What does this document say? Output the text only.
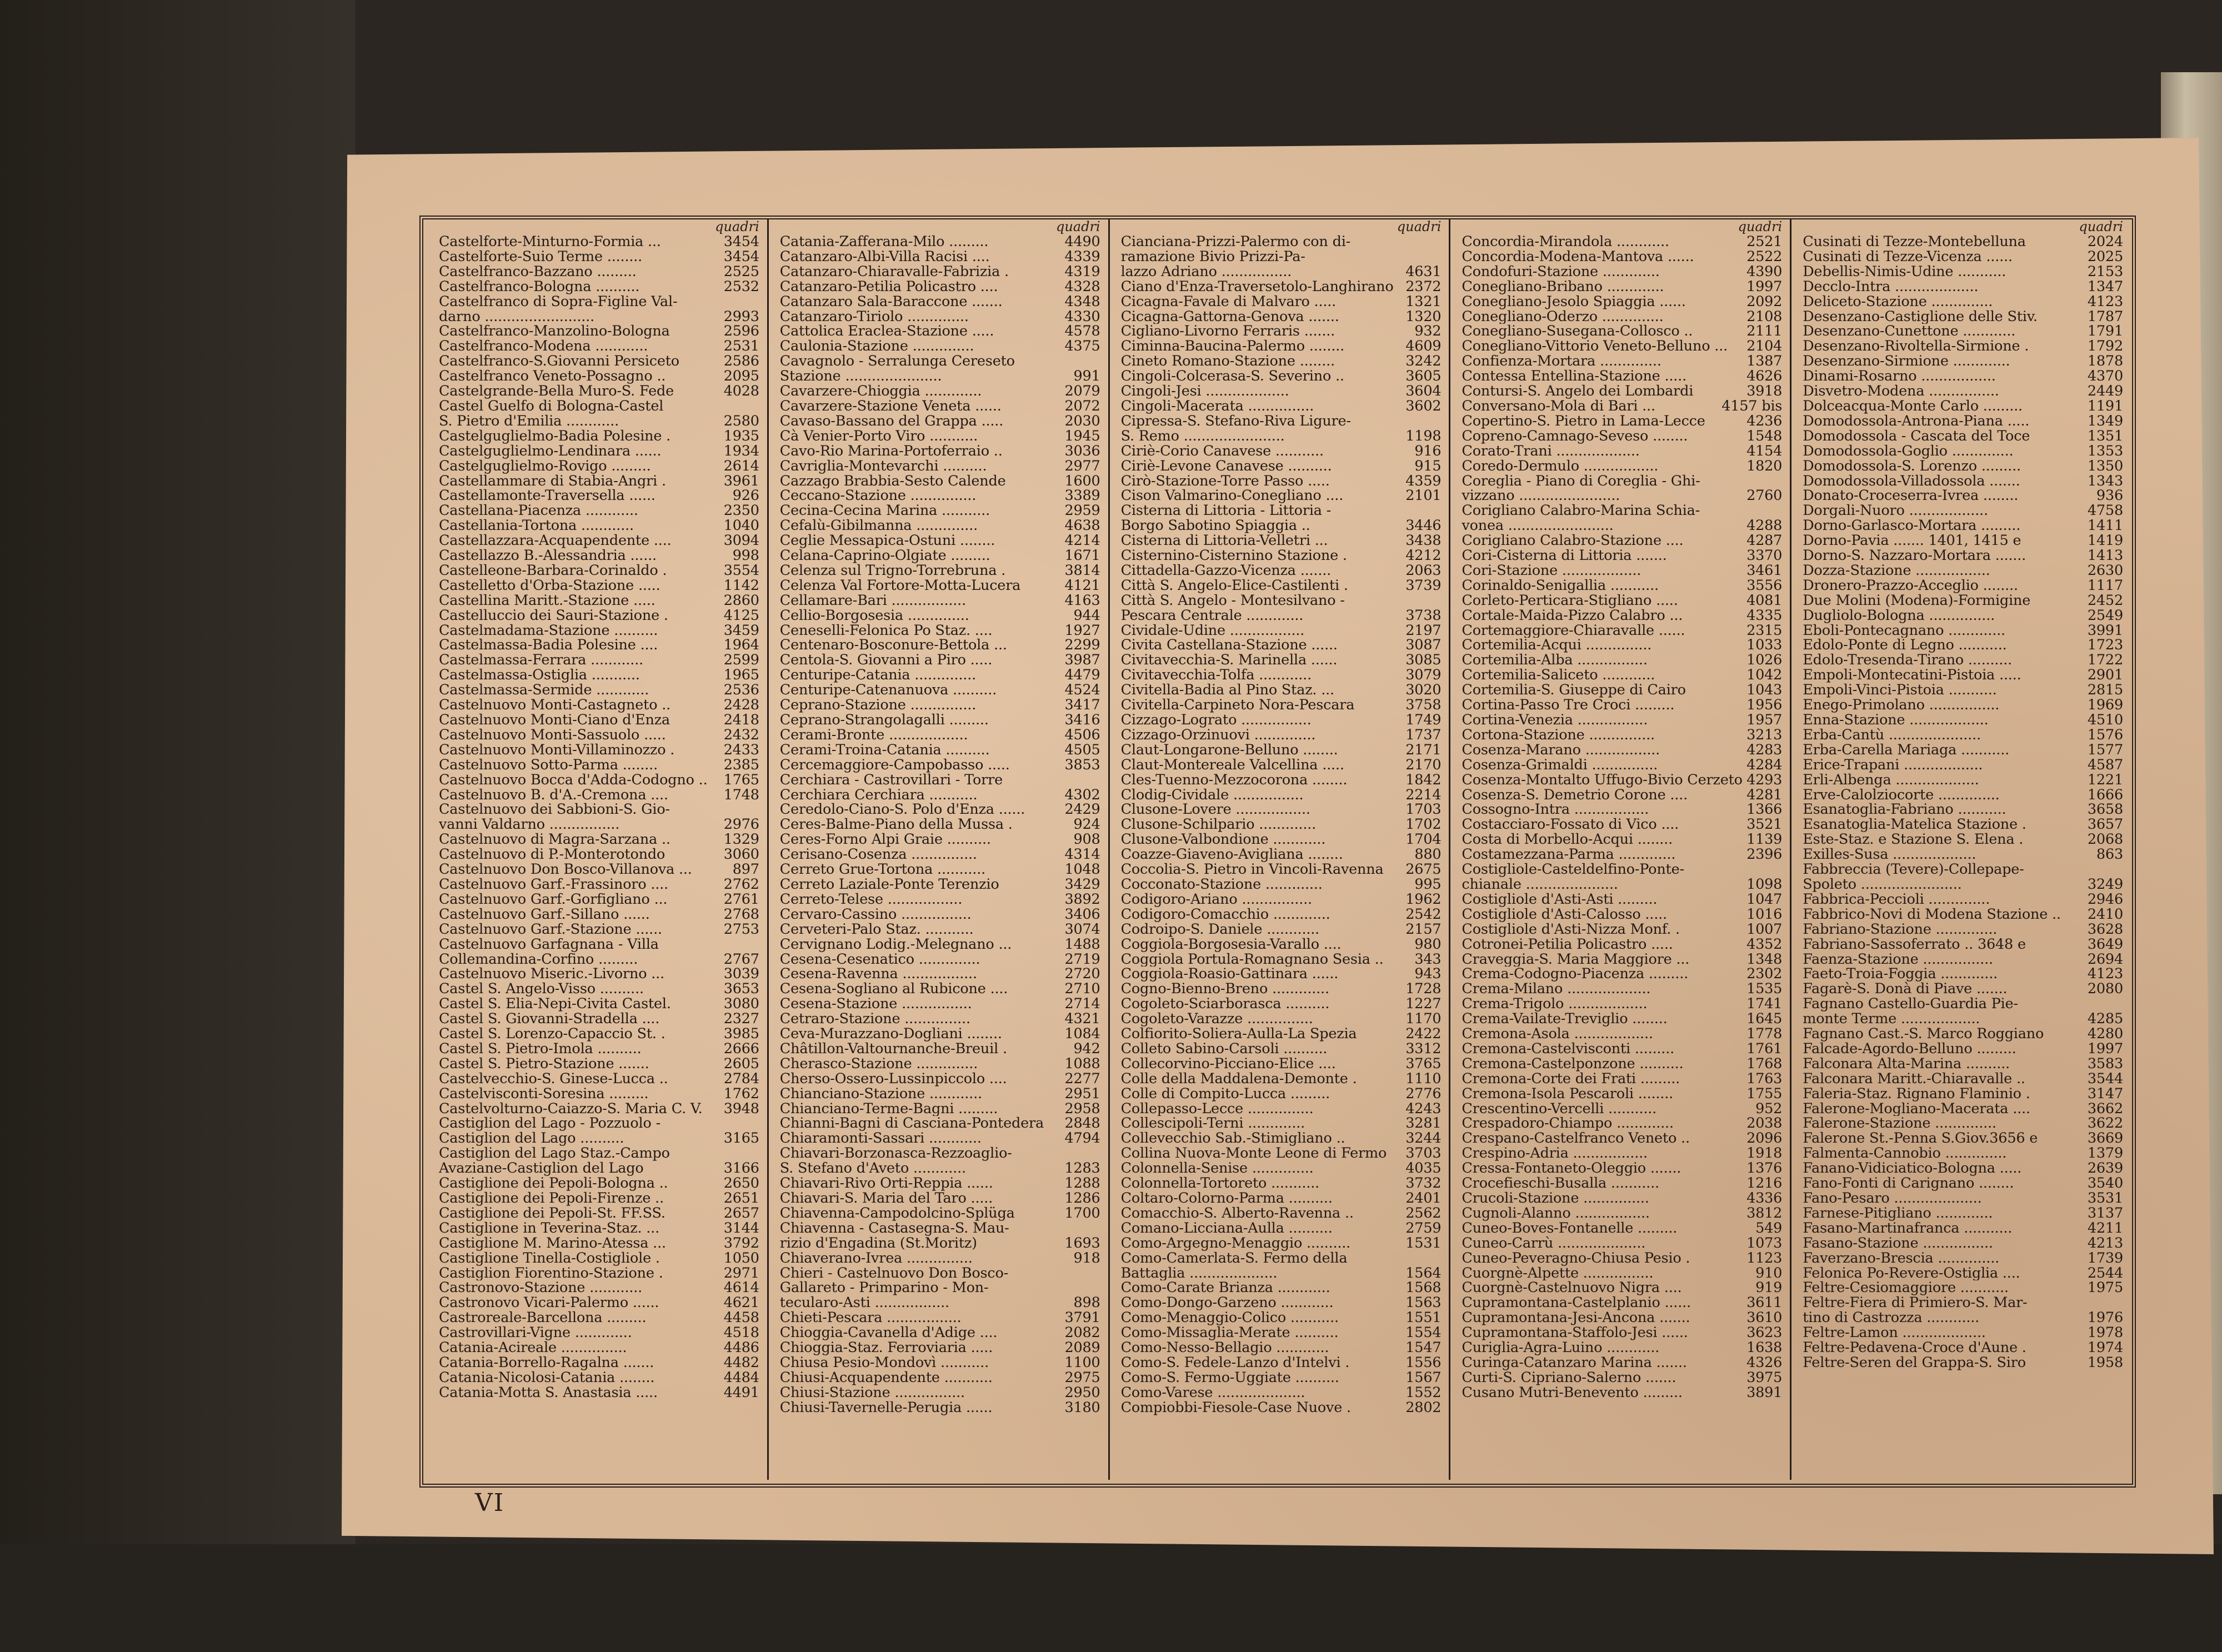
quadri
Castelforte-Minturno-Formia ...	3454
Castelforte-Suio Terme ........	3454
Castelfranco-Bazzano .........	2525
Castelfranco-Bologna ..........	2532
Castelfranco di Sopra-Figline Val-
darno .........................	2993
Castelfranco-Manzolino-Bologna	2596
Castelfranco-Modena ............	2531
Castelfranco-S.Giovanni Persiceto	2586
Castelfranco Veneto-Possagno ..	2095
Castelgrande-Bella Muro-S. Fede	4028
Castel Guelfo di Bologna-Castel
S. Pietro d'Emilia ............	2580
Castelguglielmo-Badia Polesine .	1935
Castelguglielmo-Lendinara ......	1934
Castelguglielmo-Rovigo .........	2614
Castellammare di Stabia-Angri .	3961
Castellamonte-Traversella ......	926
Castellana-Piacenza ............	2350
Castellania-Tortona ............	1040
Castellazzara-Acquapendente ....	3094
Castellazzo B.-Alessandria ......	998
Castelleone-Barbara-Corinaldo .	3554
Castelletto d'Orba-Stazione .....	1142
Castellina Maritt.-Stazione .....	2860
Castelluccio dei Sauri-Stazione .	4125
Castelmadama-Stazione ..........	3459
Castelmassa-Badia Polesine ....	1964
Castelmassa-Ferrara ............	2599
Castelmassa-Ostiglia ...........	1965
Castelmassa-Sermide ............	2536
Castelnuovo Monti-Castagneto ..	2428
Castelnuovo Monti-Ciano d'Enza	2418
Castelnuovo Monti-Sassuolo .....	2432
Castelnuovo Monti-Villaminozzo .	2433
Castelnuovo Sotto-Parma ........	2385
Castelnuovo Bocca d'Adda-Codogno ..	1765
Castelnuovo B. d'A.-Cremona ....	1748
Castelnuovo dei Sabbioni-S. Gio-
vanni Valdarno ................	2976
Castelnuovo di Magra-Sarzana ..	1329
Castelnuovo di P.-Monterotondo	3060
Castelnuovo Don Bosco-Villanova ...	897
Castelnuovo Garf.-Frassinoro ....	2762
Castelnuovo Garf.-Gorfigliano ...	2761
Castelnuovo Garf.-Sillano ......	2768
Castelnuovo Garf.-Stazione ......	2753
Castelnuovo Garfagnana - Villa
Collemandina-Corfino .........	2767
Castelnuovo Miseric.-Livorno ...	3039
Castel S. Angelo-Visso ..........	3653
Castel S. Elia-Nepi-Civita Castel.	3080
Castel S. Giovanni-Stradella ....	2327
Castel S. Lorenzo-Capaccio St. .	3985
Castel S. Pietro-Imola ..........	2666
Castel S. Pietro-Stazione .......	2605
Castelvecchio-S. Ginese-Lucca ..	2784
Castelvisconti-Soresina .........	1762
Castelvolturno-Caiazzo-S. Maria C. V.	3948
Castiglion del Lago - Pozzuolo -
Castiglion del Lago ..........	3165
Castiglion del Lago Staz.-Campo
Avaziane-Castiglion del Lago	3166
Castiglione dei Pepoli-Bologna ..	2650
Castiglione dei Pepoli-Firenze ..	2651
Castiglione dei Pepoli-St. FF.SS.	2657
Castiglione in Teverina-Staz. ...	3144
Castiglione M. Marino-Atessa ...	3792
Castiglione Tinella-Costigliole .	1050
Castiglion Fiorentino-Stazione .	2971
Castronovo-Stazione ............	4614
Castronovo Vicari-Palermo ......	4621
Castroreale-Barcellona .........	4458
Castrovillari-Vigne .............	4518
Catania-Acireale ...............	4486
Catania-Borrello-Ragalna .......	4482
Catania-Nicolosi-Catania ........	4484
Catania-Motta S. Anastasia .....	4491
quadri
Catania-Zafferana-Milo .........	4490
Catanzaro-Albi-Villa Racisi ....	4339
Catanzaro-Chiaravalle-Fabrizia .	4319
Catanzaro-Petilia Policastro ....	4328
Catanzaro Sala-Baraccone .......	4348
Catanzaro-Tiriolo ..............	4330
Cattolica Eraclea-Stazione .....	4578
Caulonia-Stazione ..............	4375
Cavagnolo - Serralunga Cereseto
Stazione ......................	991
Cavarzere-Chioggia .............	2079
Cavarzere-Stazione Veneta ......	2072
Cavaso-Bassano del Grappa .....	2030
Cà Venier-Porto Viro ...........	1945
Cavo-Rio Marina-Portoferraio ..	3036
Cavriglia-Montevarchi ..........	2977
Cazzago Brabbia-Sesto Calende	1600
Ceccano-Stazione ...............	3389
Cecina-Cecina Marina ...........	2959
Cefalù-Gibilmanna ..............	4638
Ceglie Messapica-Ostuni ........	4214
Celana-Caprino-Olgiate .........	1671
Celenza sul Trigno-Torrebruna .	3814
Celenza Val Fortore-Motta-Lucera	4121
Cellamare-Bari .................	4163
Cellio-Borgosesia ..............	944
Ceneselli-Felonica Po Staz. ....	1927
Centenaro-Bosconure-Bettola ...	2299
Centola-S. Giovanni a Piro .....	3987
Centuripe-Catania ..............	4479
Centuripe-Catenanuova ..........	4524
Ceprano-Stazione ...............	3417
Ceprano-Strangolagalli .........	3416
Cerami-Bronte ..................	4506
Cerami-Troina-Catania ..........	4505
Cercemaggiore-Campobasso .....	3853
Cerchiara - Castrovillari - Torre
Cerchiara Cerchiara ...........	4302
Ceredolo-Ciano-S. Polo d'Enza ......	2429
Ceres-Balme-Piano della Mussa .	924
Ceres-Forno Alpi Graie ..........	908
Cerisano-Cosenza ...............	4314
Cerreto Grue-Tortona ...........	1048
Cerreto Laziale-Ponte Terenzio	3429
Cerreto-Telese .................	3892
Cervaro-Cassino ................	3406
Cerveteri-Palo Staz. ...........	3074
Cervignano Lodig.-Melegnano ...	1488
Cesena-Cesenatico ..............	2719
Cesena-Ravenna .................	2720
Cesena-Sogliano al Rubicone ....	2710
Cesena-Stazione ................	2714
Cetraro-Stazione ...............	4321
Ceva-Murazzano-Dogliani ........	1084
Châtillon-Valtournanche-Breuil .	942
Cherasco-Stazione ..............	1088
Cherso-Ossero-Lussinpiccolo ....	2277
Chianciano-Stazione ............	2951
Chianciano-Terme-Bagni .........	2958
Chianni-Bagni di Casciana-Pontedera	2848
Chiaramonti-Sassari ............	4794
Chiavari-Borzonasca-Rezzoaglio-
S. Stefano d'Aveto ............	1283
Chiavari-Rivo Orti-Reppia ......	1288
Chiavari-S. Maria del Taro .....	1286
Chiavenna-Campodolcino-Splüga	1700
Chiavenna - Castasegna-S. Mau-
rizio d'Engadina (St.Moritz)	1693
Chiaverano-Ivrea ...............	918
Chieri - Castelnuovo Don Bosco-
Gallareto - Primparino - Mon-
tecularo-Asti .................	898
Chieti-Pescara .................	3791
Chioggia-Cavanella d'Adige ....	2082
Chioggia-Staz. Ferroviaria .....	2089
Chiusa Pesio-Mondovì ...........	1100
Chiusi-Acquapendente ...........	2975
Chiusi-Stazione ................	2950
Chiusi-Tavernelle-Perugia ......	3180
quadri
Cianciana-Prizzi-Palermo con di-
ramazione Bivio Prizzi-Pa-
lazzo Adriano ................	4631
Ciano d'Enza-Traversetolo-Langhirano 2372
Cicagna-Favale di Malvaro .....	1321
Cicagna-Gattorna-Genova .......	1320
Cigliano-Livorno Ferraris .......	932
Ciminna-Baucina-Palermo ........	4609
Cineto Romano-Stazione ........	3242
Cingoli-Colcerasa-S. Severino ..	3605
Cingoli-Jesi ...................	3604
Cingoli-Macerata ...............	3602
Cipressa-S. Stefano-Riva Ligure-
S. Remo .......................	1198
Ciriè-Corio Canavese ...........	916
Ciriè-Levone Canavese ..........	915
Cirò-Stazione-Torre Passo .....	4359
Cison Valmarino-Conegliano ....	2101
Cisterna di Littoria - Littoria -
Borgo Sabotino Spiaggia ..	3446
Cisterna di Littoria-Velletri ...	3438
Cisternino-Cisternino Stazione .	4212
Cittadella-Gazzo-Vicenza .......	2063
Città S. Angelo-Elice-Castilenti .	3739
Città S. Angelo - Montesilvano -
Pescara Centrale .............	3738
Cividale-Udine .................	2197
Civita Castellana-Stazione ......	3087
Civitavecchia-S. Marinella ......	3085
Civitavecchia-Tolfa ............	3079
Civitella-Badia al Pino Staz. ...	3020
Civitella-Carpineto Nora-Pescara	3758
Cizzago-Lograto ................	1749
Cizzago-Orzinuovi ..............	1737
Claut-Longarone-Belluno ........	2171
Claut-Montereale Valcellina .....	2170
Cles-Tuenno-Mezzocorona ........	1842
Clodig-Cividale ................	2214
Clusone-Lovere .................	1703
Clusone-Schilpario .............	1702
Clusone-Valbondione ............	1704
Coazze-Giaveno-Avigliana ........	880
Coccolia-S. Pietro in Vincoli-Ravenna	2675
Cocconato-Stazione .............	995
Codigoro-Ariano ................	1962
Codigoro-Comacchio .............	2542
Codroipo-S. Daniele ............	2157
Coggiola-Borgosesia-Varallo ....	980
Coggiola Portula-Romagnano Sesia ..	343
Coggiola-Roasio-Gattinara ......	943
Cogno-Bienno-Breno .............	1728
Cogoleto-Sciarborasca ..........	1227
Cogoleto-Varazze ...............	1170
Colfiorito-Soliera-Aulla-La Spezia	2422
Colleto Sabino-Carsoli ..........	3312
Collecorvino-Picciano-Elice ....	3765
Colle della Maddalena-Demonte .	1110
Colle di Compito-Lucca .........	2776
Collepasso-Lecce ...............	4243
Collescipoli-Terni .............	3281
Collevecchio Sab.-Stimigliano ..	3244
Collina Nuova-Monte Leone di Fermo	3703
Colonnella-Senise ..............	4035
Colonnella-Tortoreto ...........	3732
Coltaro-Colorno-Parma ..........	2401
Comacchio-S. Alberto-Ravenna ..	2562
Comano-Licciana-Aulla ..........	2759
Como-Argegno-Menaggio ..........	1531
Como-Camerlata-S. Fermo della
Battaglia ....................	1564
Como-Carate Brianza ............	1568
Como-Dongo-Garzeno ............	1563
Como-Menaggio-Colico ...........	1551
Como-Missaglia-Merate ..........	1554
Como-Nesso-Bellagio ............	1547
Como-S. Fedele-Lanzo d'Intelvi .	1556
Como-S. Fermo-Uggiate ..........	1567
Como-Varese ....................	1552
Compiobbi-Fiesole-Case Nuove .	2802
quadri
Concordia-Mirandola ............	2521
Concordia-Modena-Mantova ......	2522
Condofuri-Stazione .............	4390
Conegliano-Bribano .............	1997
Conegliano-Jesolo Spiaggia ......	2092
Conegliano-Oderzo ..............	2108
Conegliano-Susegana-Collosco ..	2111
Conegliano-Vittorio Veneto-Belluno ...	2104
Confienza-Mortara ..............	1387
Contessa Entellina-Stazione .....	4626
Contursi-S. Angelo dei Lombardi	3918
Conversano-Mola di Bari ...	4157 bis
Copertino-S. Pietro in Lama-Lecce	4236
Copreno-Camnago-Seveso ........	1548
Corato-Trani ...................	4154
Coredo-Dermulo .................	1820
Coreglia - Piano di Coreglia - Ghi-
vizzano .......................	2760
Corigliano Calabro-Marina Schia-
vonea ........................	4288
Corigliano Calabro-Stazione ....	4287
Cori-Cisterna di Littoria .......	3370
Cori-Stazione ..................	3461
Corinaldo-Senigallia ...........	3556
Corleto-Perticara-Stigliano .....	4081
Cortale-Maida-Pizzo Calabro ...	4335
Cortemaggiore-Chiaravalle ......	2315
Cortemilia-Acqui ...............	1033
Cortemilia-Alba ................	1026
Cortemilia-Saliceto ............	1042
Cortemilia-S. Giuseppe di Cairo	1043
Cortina-Passo Tre Croci .........	1956
Cortina-Venezia ................	1957
Cortona-Stazione ...............	3213
Cosenza-Marano .................	4283
Cosenza-Grimaldi ...............	4284
Cosenza-Montalto Uffugo-Bivio Cerzeto 4293
Cosenza-S. Demetrio Corone ....	4281
Cossogno-Intra .................	1366
Costacciaro-Fossato di Vico ....	3521
Costa di Morbello-Acqui ........	1139
Costamezzana-Parma .............	2396
Costigliole-Casteldelfino-Ponte-
chianale .....................	1098
Costigliole d'Asti-Asti .........	1047
Costigliole d'Asti-Calosso .....	1016
Costigliole d'Asti-Nizza Monf. .	1007
Cotronei-Petilia Policastro .....	4352
Craveggia-S. Maria Maggiore ...	1348
Crema-Codogno-Piacenza .........	2302
Crema-Milano ...................	1535
Crema-Trigolo ..................	1741
Crema-Vailate-Treviglio ........	1645
Cremona-Asola ..................	1778
Cremona-Castelvisconti .........	1761
Cremona-Castelponzone ..........	1768
Cremona-Corte dei Frati .........	1763
Cremona-Isola Pescaroli ........	1755
Crescentino-Vercelli ...........	952
Crespadoro-Chiampo .............	2038
Crespano-Castelfranco Veneto ..	2096
Crespino-Adria .................	1918
Cressa-Fontaneto-Oleggio .......	1376
Crocefieschi-Busalla ...........	1216
Crucoli-Stazione ...............	4336
Cugnoli-Alanno .................	3812
Cuneo-Boves-Fontanelle .........	549
Cuneo-Carrù ....................	1073
Cuneo-Peveragno-Chiusa Pesio .	1123
Cuorgnè-Alpette ................	910
Cuorgnè-Castelnuovo Nigra ....	919
Cupramontana-Castelplanio ......	3611
Cupramontana-Jesi-Ancona .......	3610
Cupramontana-Staffolo-Jesi ......	3623
Curiglia-Agra-Luino ............	1638
Curinga-Catanzaro Marina .......	4326
Curti-S. Cipriano-Salerno .......	3975
Cusano Mutri-Benevento .........	3891
quadri
Cusinati di Tezze-Montebelluna	2024
Cusinati di Tezze-Vicenza ......	2025
Debellis-Nimis-Udine ...........	2153
Decclo-Intra ...................	1347
Deliceto-Stazione ..............	4123
Desenzano-Castiglione delle Stiv.	1787
Desenzano-Cunettone ............	1791
Desenzano-Rivoltella-Sirmione .	1792
Desenzano-Sirmione .............	1878
Dinami-Rosarno .................	4370
Disvetro-Modena ................	2449
Dolceacqua-Monte Carlo .........	1191
Domodossola-Antrona-Piana .....	1349
Domodossola - Cascata del Toce	1351
Domodossola-Goglio ..............	1353
Domodossola-S. Lorenzo .........	1350
Domodossola-Villadossola .......	1343
Donato-Croceserra-Ivrea ........	936
Dorgali-Nuoro ..................	4758
Dorno-Garlasco-Mortara .........	1411
Dorno-Pavia ....... 1401, 1415 e	1419
Dorno-S. Nazzaro-Mortara .......	1413
Dozza-Stazione .................	2630
Dronero-Prazzo-Acceglio ........	1117
Due Molini (Modena)-Formigine	2452
Dugliolo-Bologna ...............	2549
Eboli-Pontecagnano .............	3991
Edolo-Ponte di Legno ...........	1723
Edolo-Tresenda-Tirano ..........	1722
Empoli-Montecatini-Pistoia .....	2901
Empoli-Vinci-Pistoia ...........	2815
Enego-Primolano ................	1969
Enna-Stazione ..................	4510
Erba-Cantù .....................	1576
Erba-Carella Mariaga ...........	1577
Erice-Trapani ..................	4587
Erli-Albenga ...................	1221
Erve-Calolziocorte ..............	1666
Esanatoglia-Fabriano ...........	3658
Esanatoglia-Matelica Stazione .	3657
Este-Staz. e Stazione S. Elena .	2068
Exilles-Susa ...................	863
Fabbreccia (Tevere)-Collepape-
Spoleto .......................	3249
Fabbrica-Peccioli ..............	2946
Fabbrico-Novi di Modena Stazione ..	2410
Fabriano-Stazione ..............	3628
Fabriano-Sassoferrato .. 3648 e	3649
Faenza-Stazione ................	2694
Faeto-Troia-Foggia .............	4123
Fagarè-S. Donà di Piave .......	2080
Fagnano Castello-Guardia Pie-
monte Terme ..................	4285
Fagnano Cast.-S. Marco Roggiano	4280
Falcade-Agordo-Belluno .........	1997
Falconara Alta-Marina ..........	3583
Falconara Maritt.-Chiaravalle ..	3544
Faleria-Staz. Rignano Flaminio .	3147
Falerone-Mogliano-Macerata ....	3662
Falerone-Stazione ..............	3622
Falerone St.-Penna S.Giov.3656 e	3669
Falmenta-Cannobio ..............	1379
Fanano-Vidiciatico-Bologna .....	2639
Fano-Fonti di Carignano ........	3540
Fano-Pesaro ....................	3531
Farnese-Pitigliano .............	3137
Fasano-Martinafranca ...........	4211
Fasano-Stazione ................	4213
Faverzano-Brescia ..............	1739
Felonica Po-Revere-Ostiglia ....	2544
Feltre-Cesiomaggiore ...........	1975
Feltre-Fiera di Primiero-S. Mar-
tino di Castrozza ............	1976
Feltre-Lamon ...................	1978
Feltre-Pedavena-Croce d'Aune .	1974
Feltre-Seren del Grappa-S. Siro	1958
VI
